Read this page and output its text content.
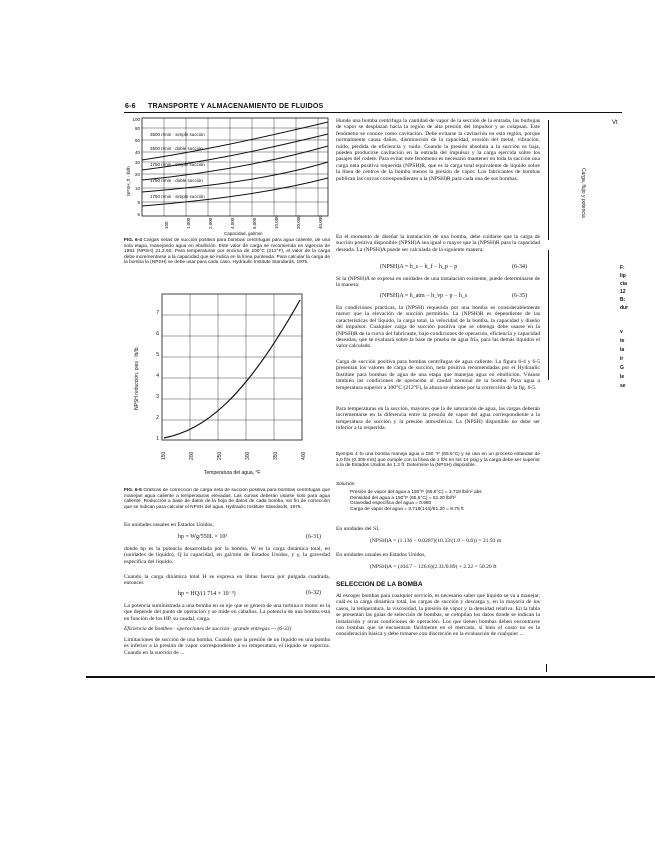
6-6 TRANSPORTE Y ALMACENAMIENTO DE FLUIDOS
Vt
3500 r/min · simple succión
3500 r/min · doble succión
1750 r/min · simple succión
1750 r/min · doble succión
1750 r/min · simple succión
100
80
60
40
30
20
10
8
6
100	1,000	2,000	4,000	6,000	10,000	20,000	40,000
NPSH, ft · lb/lb
Capacidad, gal/min
FIG. 6-4 Cargas netas de succión positiva para bombas centrífugas para agua caliente, de una sola etapa, manejando agua en ebullición. Este valor de carga se recomienda en vigencia de 1981 (NPSH) 21,2.60. Para temperaturas por encima de 100°C (212°F), el valor de la carga debe incrementarse a la capacidad que se indica en la línea punteada. Para calcular la carga de la bomba la (NPSH) se debe usar para cada caso. Hydraulic Institute Standards, 1975.
1
2
3
4
5
6
7
150	200	250	300	350	400
NPSH reducción, pies · lb/lb
Temperatura del agua, °F
FIG. 6-5 Gráficas de corrección de carga neta de succión positiva para bombas centrífugas que manejan agua caliente a temperaturas elevadas. Las curvas deberán usarse solo para agua caliente. Reducción a base de datos de la hoja de datos de cada bomba, sin fin de corrección que se indican para calcular el NPSH del agua. Hydraulic Institute Standards, 1975.
En unidades usuales en Estados Unidos,
hp = Wg/550L × 10³	(6-31)
donde hp es la potencia desarrollada por la bomba, W es la carga dinámica total, en (unidades de líquido), Q la capacidad, en gal/min de Estados Unidos, y γ, la gravedad específica del líquido.
Cuando la carga dinámica total H se expresa en libras fuerza por pulgada cuadrada, entonces
hp = HQ/(1 714 × 10⁻³)	(6-32)
La potencia suministrada a una bomba en su eje que se genera de una turbina o motor es la que depende del punto de operación y se mide en caballos. La potencia de una bomba está en función de los HP, su caudal, carga.
Eficiencia de bombeo · operaciones de succión · grande entregas — (6-33)
Limitaciones de succión de una bomba. Cuando que la presión de un líquido en una bomba es inferior a la presión de vapor correspondiente a su temperatura, el líquido se vaporiza. Cuando en la succión de ...
Hunde una bomba centrífuga la cantidad de vapor de la sección de la entrada, las burbujas de vapor se desplazan hacia la región de alta presión del impulsor y se colapsan. Este fenómeno se conoce como cavitación. Debe evitarse la cavitación en esta región, porque normalmente causa daños, disminución de la capacidad, erosión del metal, vibración, ruido, pérdida de eficiencia y ruido. Cuando la presión absoluta a la succión es baja, pueden producirse cavitación en la entrada del impulsor y la carga ejercida sobre los pasajes del rodete. Para evitar este fenómeno es necesario mantener en toda la succión una carga neta positiva requerida (NPSH)R, que es la carga total equivalente de líquido sobre la línea de centros de la bomba menos la presión de vapor. Los fabricantes de bombas publican las curvas correspondientes a la (NPSH)R para cada una de sus bombas.
En el momento de diseñar la instalación de una bomba, debe cuidarse que la carga de succión positiva disponible (NPSH)A sea igual o mayor que la (NPSH)R para la capacidad deseada. La (NPSH)A puede ser calculada de la siguiente manera:
(NPSH)A = h_s − h_f − h_p − p	(6-34)
Si la (NPSH)A se expresa en unidades de una instalación existente, puede determinarse de la manera:
(NPSH)A = h_atm − h_vp − p − h_s	(6-35)
En condiciones prácticas, la (NPSH) requerida por una bomba es considerablemente menor que la elevación de succión permitida. La (NPSH)R es dependiente de las características del líquido, la carga total, la velocidad de la bomba, la capacidad y diseño del impulsor. Cualquier carga de succión positiva que se obtenga debe usarse en la (NPSH)R de la curva del fabricante, bajo condiciones de operación, eficiencia y capacidad deseadas, que se evaluará sobre la base de prueba de agua fría, para las demás líquidos el valor calculado.
Carga de succión positiva para bombas centrífugas de agua caliente. La figura 6-4 y 6-5 presentan los valores de carga de succión, neta positiva recomendadas por el Hydraulic Institute para bombas de agua de una etapa que manejan agua en ebullición. Véanse también las condiciones de operación al caudal nominal de la bomba. Para agua a temperatura superior a 100°C (212°F), la altura se obtiene por la corrección de la fig. 6-5.
Para temperaturas en la succión, mayores que la de saturación de agua, las cargas deberán incrementarse en la diferencia entre la presión de vapor del agua correspondiente a la temperatura de succión y la presión atmosférica. La (NPSH) disponible no debe ser inferior a la requerida.
Ejemplo 4 Si una bomba maneja agua a 150 °F (65.6°C) y se usa en un proceso estándar de 1.0 ft/s (0.305 m/s) que cumple con la línea de 1 ft/s en los 14 psig y la carga debe ser superior a la de Estados Unidos de 1.2 ft. Determine la (NPSH) disponible.
Solución
Presión de vapor del agua a 150°F (65.6°C) = 3.718 lb/in² abs
Densidad del agua a 150°F (65.6°C) = 61.20 lb/ft³
Gravedad específica del agua = 0.980
Carga de vapor del agua = 3.718(144)/61.20 = 8.75 ft
En unidades del SI,
(NPSH)A = (1.136 − 0.0287)(10.33/(1.0 − 0.6)) = 21.93 m
En unidades usuales en Estados Unidos,
(NPSH)A = (104.7 − 126.6)(2.31/0.89) + 2.22 = 50.20 ft
SELECCION DE LA BOMBA
Al escoger bombas para cualquier servicio, es necesario saber qué líquido se va a manejar, cuál es la carga dinámica total, las cargas de succión y descarga y, en la mayoría de los casos, la temperatura, la viscosidad, la presión de vapor y la densidad relativa. En la tabla se presentan las guías de selección de bombas, se compilan los datos donde se indican la instalación y otras condiciones de operación. Los que tienen bombas deben encontrarse con bombas que se encuentran fácilmente en el mercado, si bien el costo no es la consideración básica y debe tomarse con discreción en la evaluación de cualquier ...
Carga, flujo y potencia
F:
lip
cia
12
B:
dur
v
te
la
ir
G
le
se
